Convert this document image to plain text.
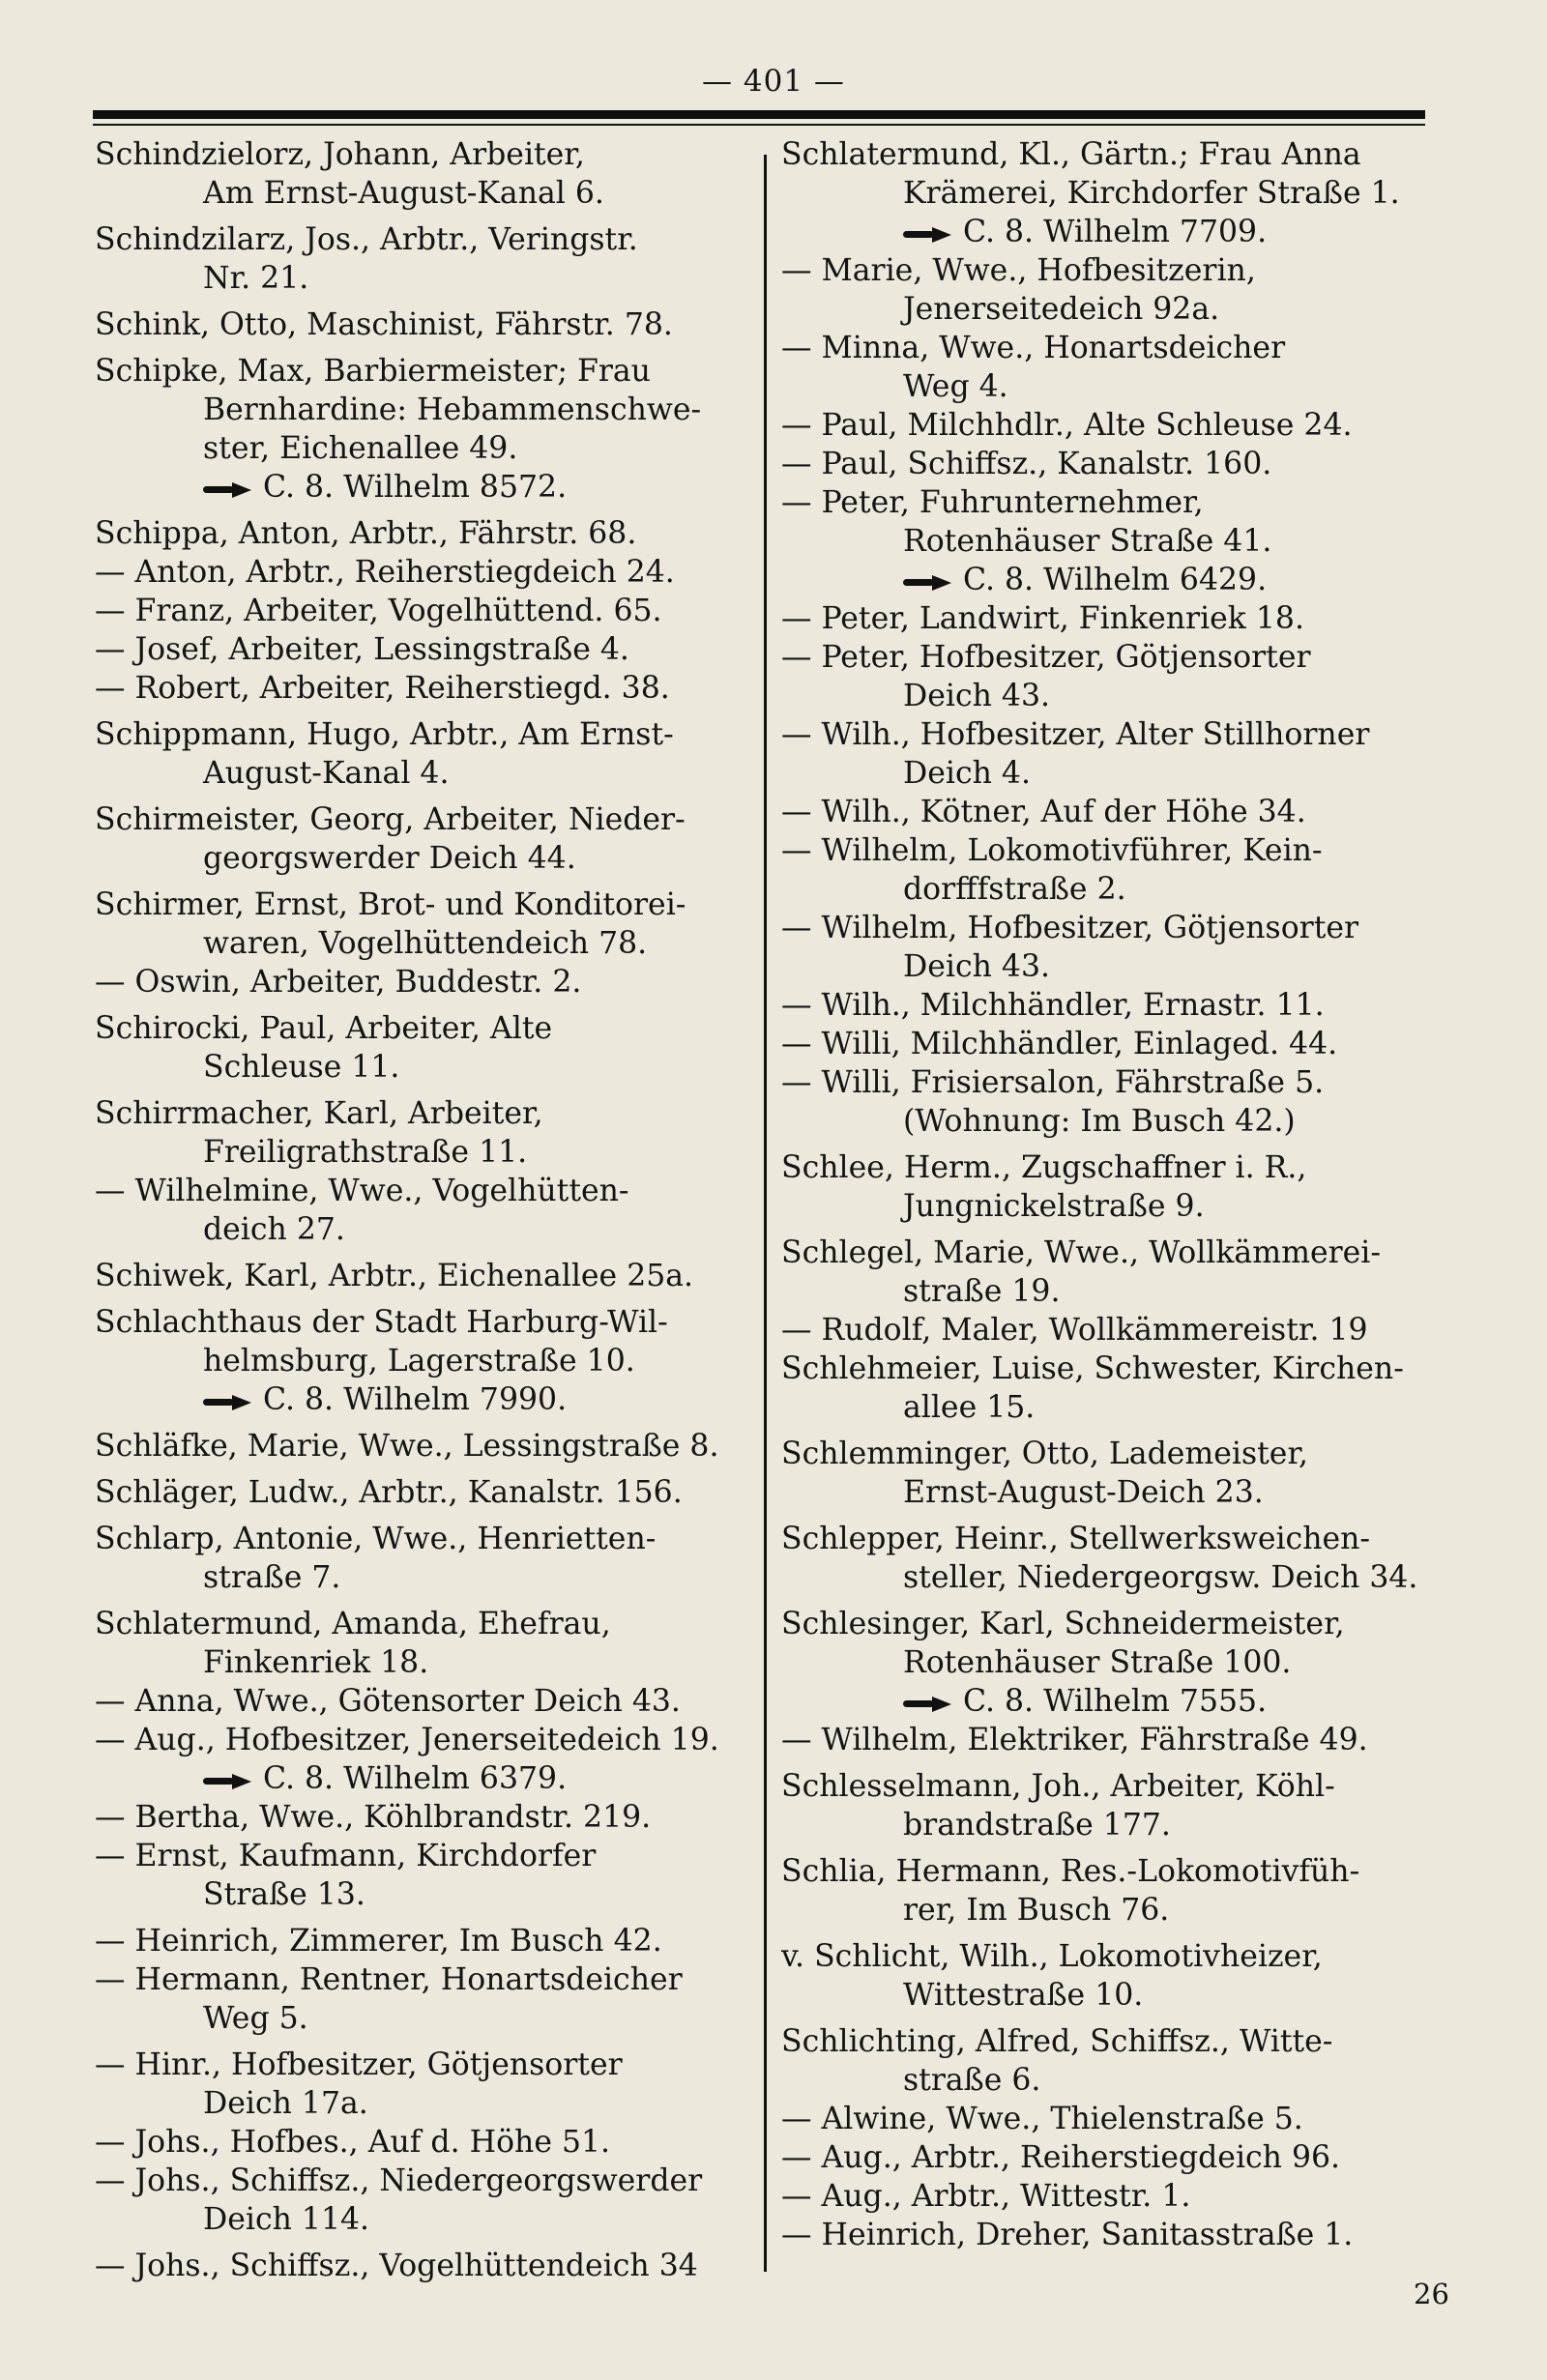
— 401 —
Schindzielorz, Johann, Arbeiter,
Am Ernst-August-Kanal 6.
Schindzilarz, Jos., Arbtr., Veringstr.
Nr. 21.
Schink, Otto, Maschinist, Fährstr. 78.
Schipke, Max, Barbiermeister; Frau
Bernhardine: Hebammenschwe-
ster, Eichenallee 49.
C. 8. Wilhelm 8572.
Schippa, Anton, Arbtr., Fährstr. 68.
— Anton, Arbtr., Reiherstiegdeich 24.
— Franz, Arbeiter, Vogelhüttend. 65.
— Josef, Arbeiter, Lessingstraße 4.
— Robert, Arbeiter, Reiherstiegd. 38.
Schippmann, Hugo, Arbtr., Am Ernst-
August-Kanal 4.
Schirmeister, Georg, Arbeiter, Nieder-
georgswerder Deich 44.
Schirmer, Ernst, Brot- und Konditorei-
waren, Vogelhüttendeich 78.
— Oswin, Arbeiter, Buddestr. 2.
Schirocki, Paul, Arbeiter, Alte
Schleuse 11.
Schirrmacher, Karl, Arbeiter,
Freiligrathstraße 11.
— Wilhelmine, Wwe., Vogelhütten-
deich 27.
Schiwek, Karl, Arbtr., Eichenallee 25a.
Schlachthaus der Stadt Harburg-Wil-
helmsburg, Lagerstraße 10.
C. 8. Wilhelm 7990.
Schläfke, Marie, Wwe., Lessingstraße 8.
Schläger, Ludw., Arbtr., Kanalstr. 156.
Schlarp, Antonie, Wwe., Henrietten-
straße 7.
Schlatermund, Amanda, Ehefrau,
Finkenriek 18.
— Anna, Wwe., Götensorter Deich 43.
— Aug., Hofbesitzer, Jenerseitedeich 19.
C. 8. Wilhelm 6379.
— Bertha, Wwe., Köhlbrandstr. 219.
— Ernst, Kaufmann, Kirchdorfer
Straße 13.
— Heinrich, Zimmerer, Im Busch 42.
— Hermann, Rentner, Honartsdeicher
Weg 5.
— Hinr., Hofbesitzer, Götjensorter
Deich 17a.
— Johs., Hofbes., Auf d. Höhe 51.
— Johs., Schiffsz., Niedergeorgswerder
Deich 114.
— Johs., Schiffsz., Vogelhüttendeich 34
Schlatermund, Kl., Gärtn.; Frau Anna
Krämerei, Kirchdorfer Straße 1.
C. 8. Wilhelm 7709.
— Marie, Wwe., Hofbesitzerin,
Jenerseitedeich 92a.
— Minna, Wwe., Honartsdeicher
Weg 4.
— Paul, Milchhdlr., Alte Schleuse 24.
— Paul, Schiffsz., Kanalstr. 160.
— Peter, Fuhrunternehmer,
Rotenhäuser Straße 41.
C. 8. Wilhelm 6429.
— Peter, Landwirt, Finkenriek 18.
— Peter, Hofbesitzer, Götjensorter
Deich 43.
— Wilh., Hofbesitzer, Alter Stillhorner
Deich 4.
— Wilh., Kötner, Auf der Höhe 34.
— Wilhelm, Lokomotivführer, Kein-
dorfffstraße 2.
— Wilhelm, Hofbesitzer, Götjensorter
Deich 43.
— Wilh., Milchhändler, Ernastr. 11.
— Willi, Milchhändler, Einlaged. 44.
— Willi, Frisiersalon, Fährstraße 5.
(Wohnung: Im Busch 42.)
Schlee, Herm., Zugschaffner i. R.,
Jungnickelstraße 9.
Schlegel, Marie, Wwe., Wollkämmerei-
straße 19.
— Rudolf, Maler, Wollkämmereistr. 19
Schlehmeier, Luise, Schwester, Kirchen-
allee 15.
Schlemminger, Otto, Lademeister,
Ernst-August-Deich 23.
Schlepper, Heinr., Stellwerksweichen-
steller, Niedergeorgsw. Deich 34.
Schlesinger, Karl, Schneidermeister,
Rotenhäuser Straße 100.
C. 8. Wilhelm 7555.
— Wilhelm, Elektriker, Fährstraße 49.
Schlesselmann, Joh., Arbeiter, Köhl-
brandstraße 177.
Schlia, Hermann, Res.-Lokomotivfüh-
rer, Im Busch 76.
v. Schlicht, Wilh., Lokomotivheizer,
Wittestraße 10.
Schlichting, Alfred, Schiffsz., Witte-
straße 6.
— Alwine, Wwe., Thielenstraße 5.
— Aug., Arbtr., Reiherstiegdeich 96.
— Aug., Arbtr., Wittestr. 1.
— Heinrich, Dreher, Sanitasstraße 1.
26
